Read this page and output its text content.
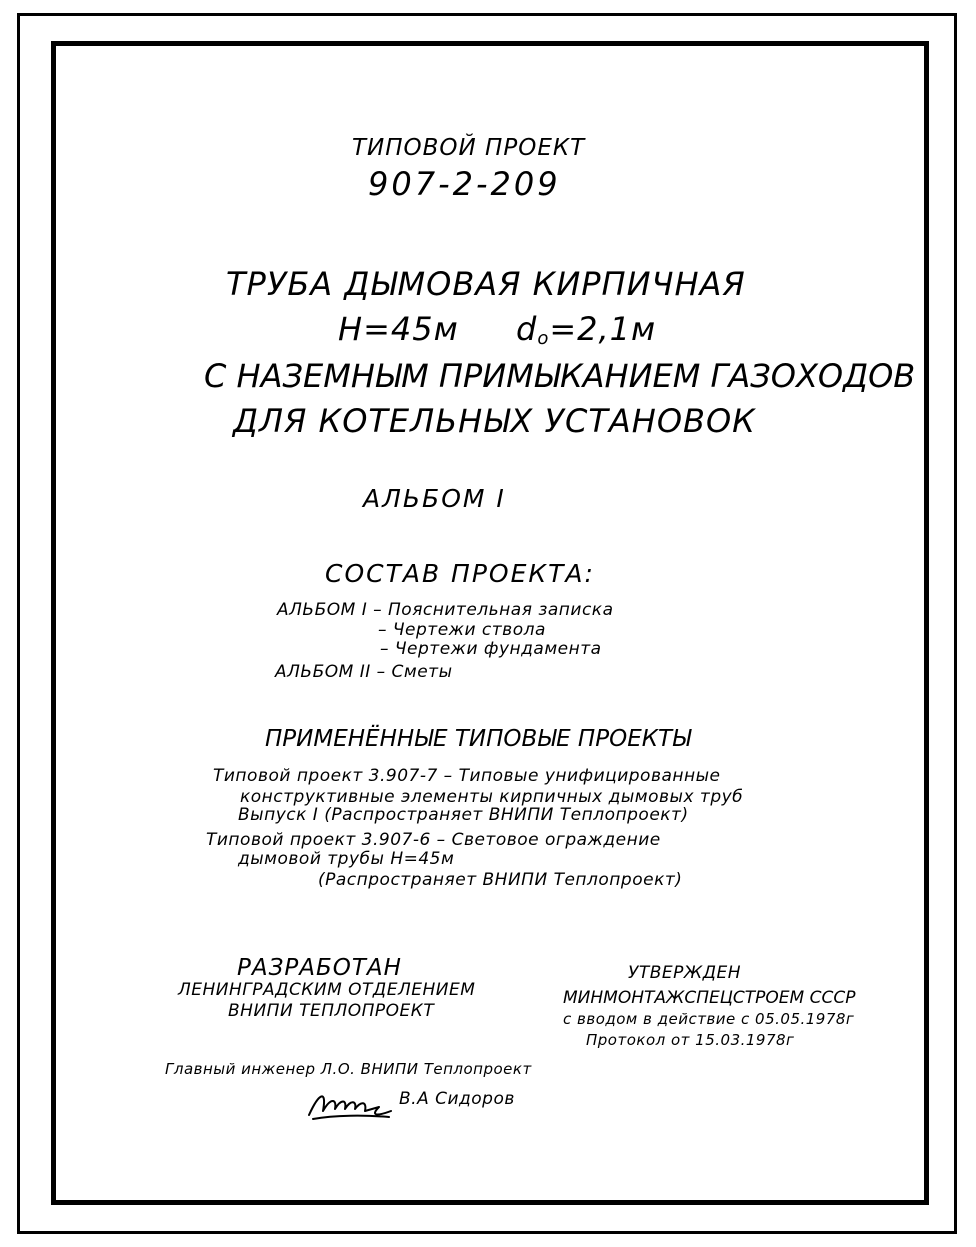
ТИПОВОЙ ПРОЕКТ
907-2-209
ТРУБА ДЫМОВАЯ КИРПИЧНАЯ
H=45м $d_o=2,1м$
С НАЗЕМНЫМ ПРИМЫКАНИЕМ ГАЗОХОДОВ
ДЛЯ КОТЕЛЬНЫХ УСТАНОВОК
АЛЬБОМ I
СОСТАВ ПРОЕКТА:
АЛЬБОМ I – Пояснительная записка
– Чертежи ствола
– Чертежи фундамента
АЛЬБОМ II – Сметы
ПРИМЕНЁННЫЕ ТИПОВЫЕ ПРОЕКТЫ
Типовой проект 3.907-7 – Типовые унифицированные
конструктивные элементы кирпичных дымовых труб
Выпуск I (Распространяет ВНИПИ Теплопроект)
Типовой проект 3.907-6 – Световое ограждение
дымовой трубы H=45м
(Распространяет ВНИПИ Теплопроект)
РАЗРАБОТАН
ЛЕНИНГРАДСКИМ ОТДЕЛЕНИЕМ
ВНИПИ ТЕПЛОПРОЕКТ
УТВЕРЖДЕН
МИНМОНТАЖСПЕЦСТРОЕМ СССР
с вводом в действие с 05.05.1978г
Протокол от 15.03.1978г
Главный инженер Л.О. ВНИПИ Теплопроект
В.А Сидоров
